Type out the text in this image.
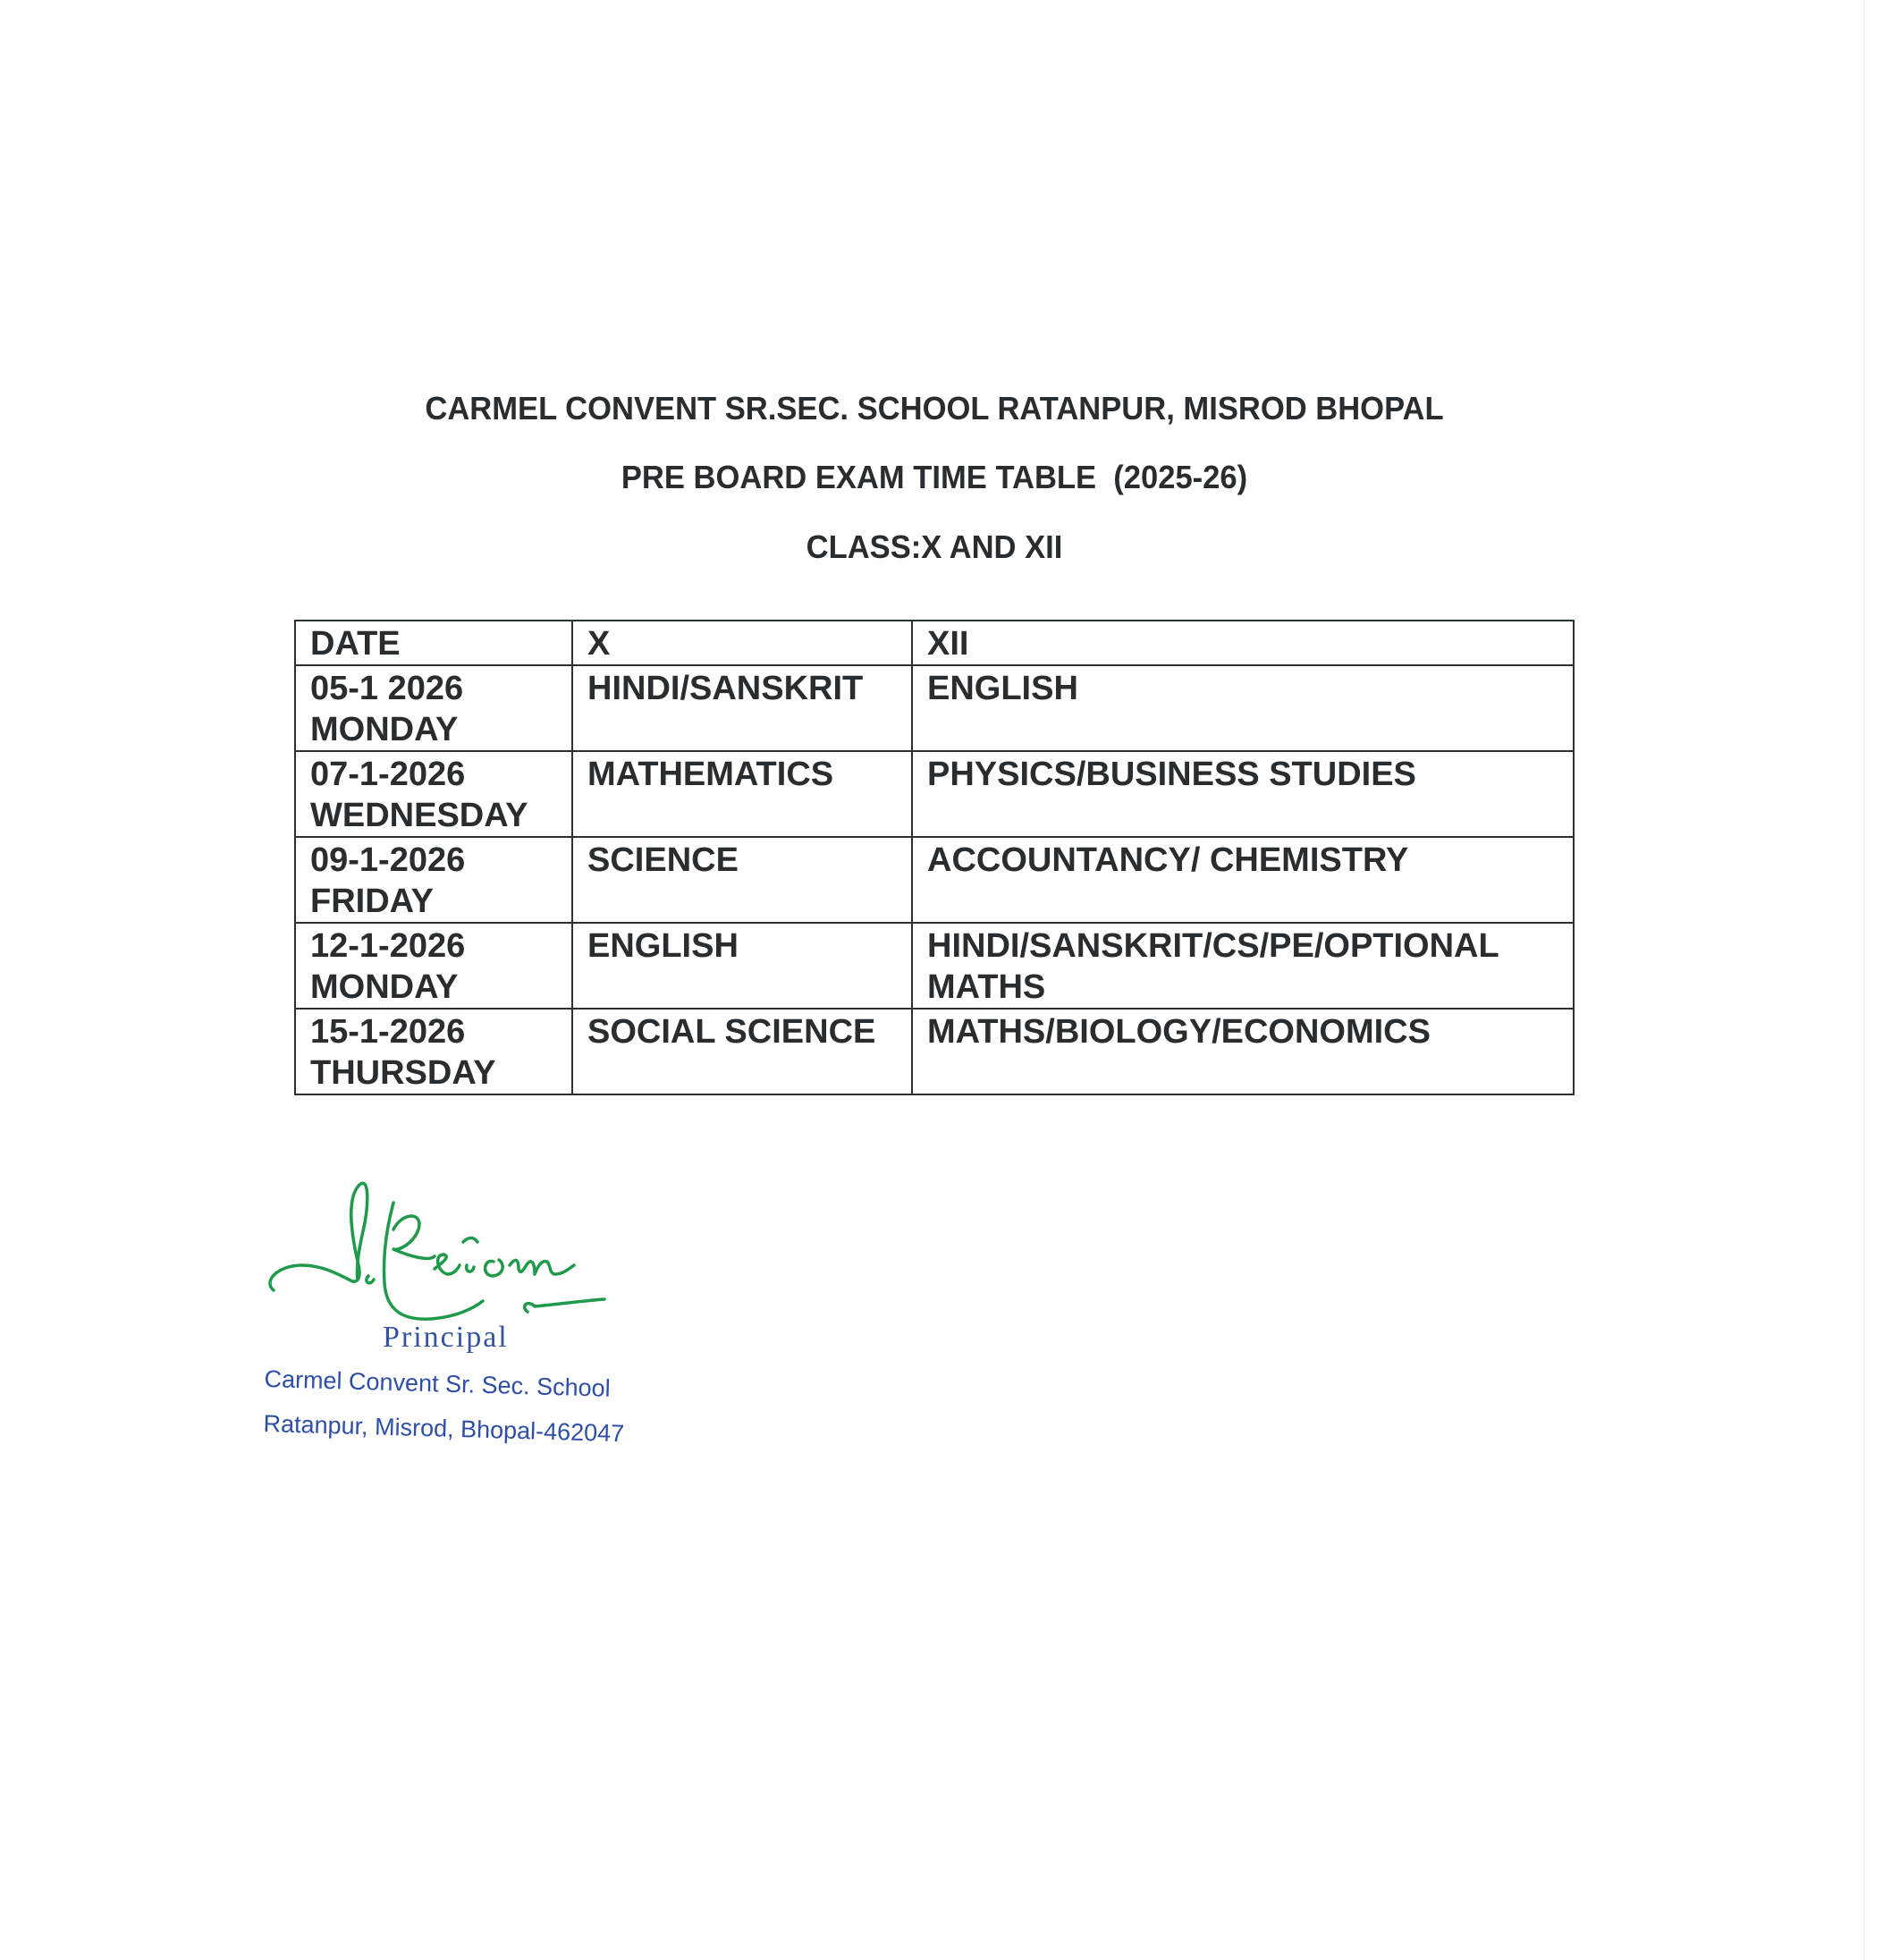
CARMEL CONVENT SR.SEC. SCHOOL RATANPUR, MISROD BHOPAL
PRE BOARD EXAM TIME TABLE  (2025-26)
CLASS:X AND XII
DATE	X	XII

05-1 2026
MONDAY	HINDI/SANSKRIT	ENGLISH

07-1-2026
WEDNESDAY	MATHEMATICS	PHYSICS/BUSINESS STUDIES

09-1-2026
FRIDAY	SCIENCE	ACCOUNTANCY/ CHEMISTRY

12-1-2026
MONDAY	ENGLISH	HINDI/SANSKRIT/CS/PE/OPTIONAL
MATHS

15-1-2026
THURSDAY	SOCIAL SCIENCE	MATHS/BIOLOGY/ECONOMICS
Principal
Carmel Convent Sr. Sec. School
Ratanpur, Misrod, Bhopal-462047
